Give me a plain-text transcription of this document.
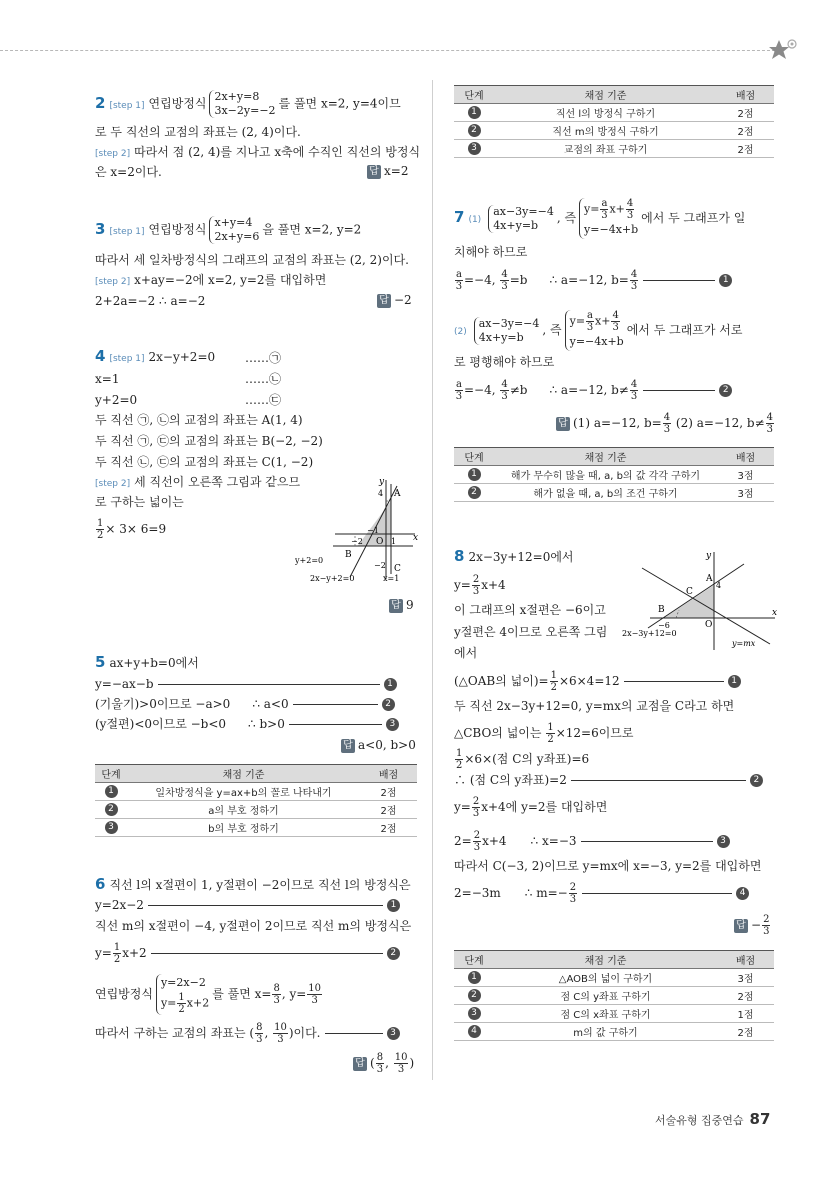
2 [step 1] 연립방정식 2x+y=8
3x−2y=−2 를 풀면 x=2, y=4이므
로 두 직선의 교점의 좌표는 (2, 4)이다.
[step 2] 따라서 점 (2, 4)를 지나고 x축에 수직인 직선의 방정식
은 x=2이다.	답 x=2
3 [step 1] 연립방정식 x+y=4
2x+y=6 을 풀면 x=2, y=2
따라서 세 일차방정식의 그래프의 교점의 좌표는 (2, 2)이다.
[step 2] x+ay=−2에 x=2, y=2를 대입하면
2+2a=−2 ∴ a=−2	답 −2
4 [step 1] 2x−y+2=0 ……㉠
x=1	……㉡
y+2=0	……㉢
두 직선 ㉠, ㉡의 교점의 좌표는 A(1, 4)
두 직선 ㉠, ㉢의 교점의 좌표는 B(−2, −2)
두 직선 ㉡, ㉢의 교점의 좌표는 C(1, −2)
[step 2] 세 직선이 오른쪽 그림과 같으므
로 구하는 넓이는
$\frac{1}{2} \times 3\times 6=9$
y
x
O
A
B
C
4
−1
−2
−2
1
y+2=0
2x−y+2=0	x=1
답 9
5 ax+y+b=0에서
y=−ax−b	1
(기울기)>0이므로 −a>0 ∴ a<0	2
(y절편)<0이므로 −b<0 ∴ b>0	3
답 a<0, b>0
단계	채점 기준	배점
1	일차방정식을 y=ax+b의 꼴로 나타내기	2점
2	a의 부호 정하기	2점
3	b의 부호 정하기	2점
6 직선 l의 x절편이 1, y절편이 −2이므로 직선 l의 방정식은
y=2x−2	1
직선 m의 x절편이 −4, y절편이 2이므로 직선 m의 방정식은
$y= \frac{1}{2} x+2$	2
연립방정식y=2x−2
$y= \frac{1}{2} x+2$를 풀면 $x= \frac{8}{3}$ , $y= \frac{10}{3}$
따라서 구하는 교점의 좌표는 ( $\frac{8}{3}$ , $\frac{10}{3}$ )이다.	3
답 ( $\frac{8}{3}$ , $\frac{10}{3}$ )
단계	채점 기준	배점
1	직선 l의 방정식 구하기	2점
2	직선 m의 방정식 구하기	2점
3	교점의 좌표 구하기	2점
7 (1)ax−3y=−4
4x+y=b , 즉$y= \frac{a}{3} x+ \frac{4}{3}$

y=−4x+b에서 두 그래프가 일
치해야 하므로
$\frac{a}{3} =-4$, $\frac{4}{3} =b$ ∴ a=−12, $b= \frac{4}{3}$	1
(2)ax−3y=−4
4x+y=b , 즉$y= \frac{a}{3} x+ \frac{4}{3}$

y=−4x+b에서 두 그래프가 서로
로 평행해야 하므로
$\frac{a}{3} =-4$, $\frac{4}{3} \ne b$ ∴ a=−12, $b\ne \frac{4}{3}$	2
답 (1) a=−12, $b= \frac{4}{3} (2)$ a=−12, $b\ne \frac{4}{3}$
단계	채점 기준	배점
1	해가 무수히 많을 때, a, b의 값 각각 구하기	3점
2	해가 없을 때, a, b의 조건 구하기	3점
8 2x−3y+12=0에서
$y= \frac{2}{3} x+4$
이 그래프의 x절편은 −6이고
y절편은 4이므로 오른쪽 그림
에서
y
x
O
A
B
C
4
−6
2x−3y+12=0
y=mx
(△OAB의 넓이)= $\frac{1}{2} \times 6\times 4=12$	1
두 직선 2x−3y+12=0, y=mx의 교점을 C라고 하면
△CBO의 넓이는 $\frac{1}{2} \times 12=6$이므로
$\frac{1}{2} \times 6\times$(점 C의 y좌표)=6
∴ (점 C의 y좌표)=2	2
$y= \frac{2}{3} x+4$에 y=2를 대입하면
$2= \frac{2}{3} x+4$ ∴ x=−3	3
따라서 C(−3, 2)이므로 y=mx에 x=−3, y=2를 대입하면
2=−3m ∴ $m=- \frac{2}{3}$	4
답 − $\frac{2}{3}$
단계	채점 기준	배점
1	△AOB의 넓이 구하기	3점
2	점 C의 y좌표 구하기	2점
3	점 C의 x좌표 구하기	1점
4	m의 값 구하기	2점
서술유형 집중연습 87
